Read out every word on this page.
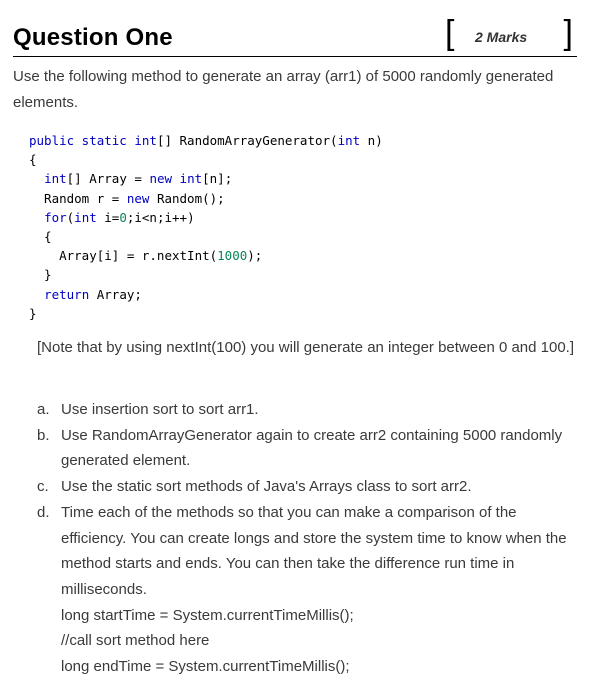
Question One	[ 2 Marks ]
Use the following method to generate an array (arr1) of 5000 randomly generated elements.
public static int[] RandomArrayGenerator(int n)
{
int[] Array = new int[n];
Random r = new Random();
for(int i=0;i<n;i++)
{
Array[i] = r.nextInt(1000);
}
return Array;
}
[Note that by using nextInt(100) you will generate an integer between 0 and 100.]
a. Use insertion sort to sort arr1.
b. Use RandomArrayGenerator again to create arr2 containing 5000 randomly generated element.
c. Use the static sort methods of Java's Arrays class to sort arr2.
d. Time each of the methods so that you can make a comparison of the efficiency. You can create longs and store the system time to know when the method starts and ends. You can then take the difference run time in milliseconds.
long startTime = System.currentTimeMillis();
//call sort method here
long endTime = System.currentTimeMillis();
